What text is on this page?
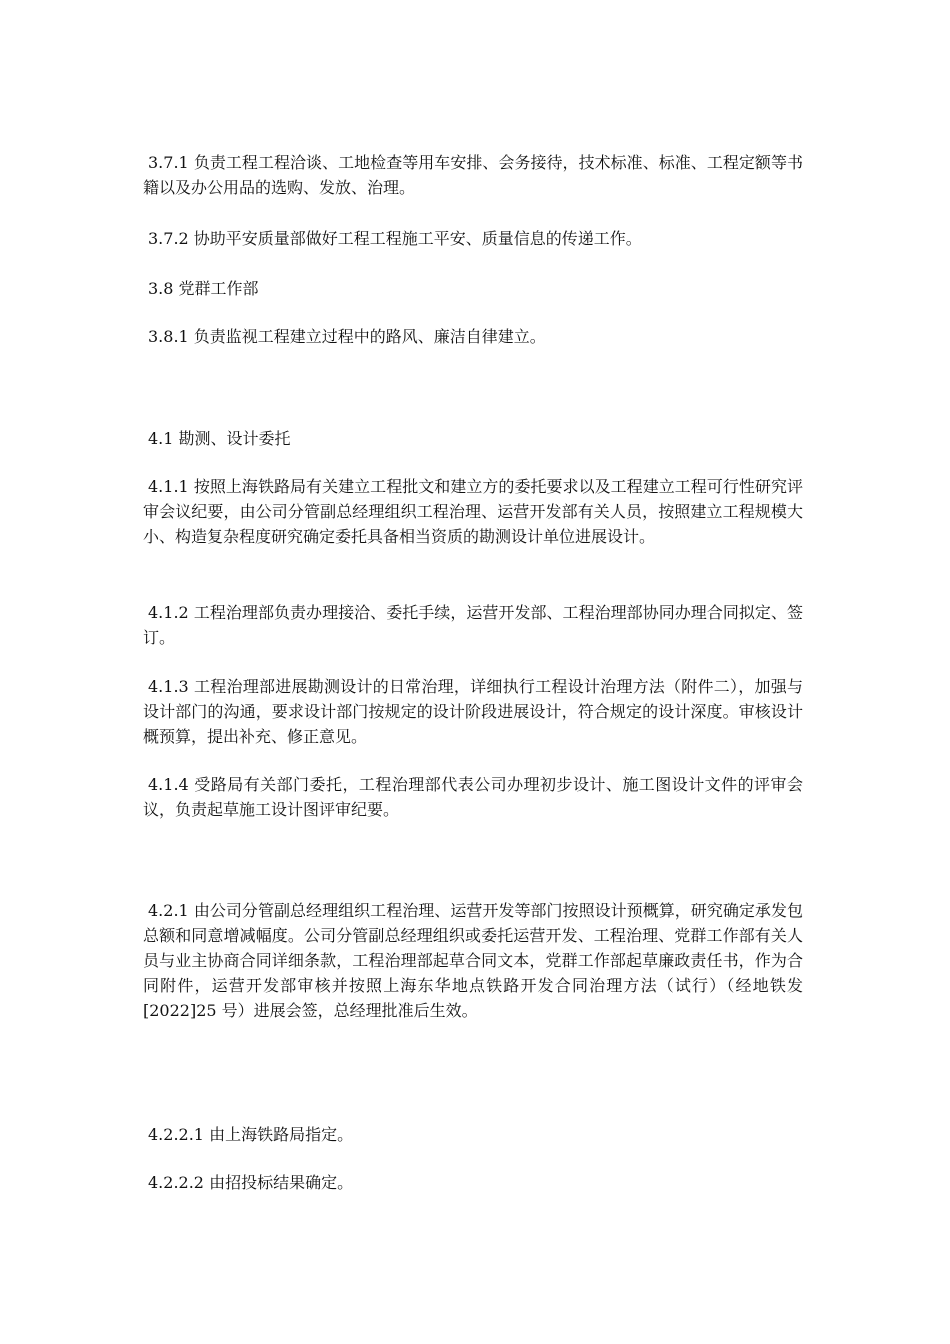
3.7.1 负责工程工程洽谈、工地检查等用车安排、会务接待，技术标准、标准、工程定额等书籍以及办公用品的选购、发放、治理。

3.7.2 协助平安质量部做好工程工程施工平安、质量信息的传递工作。

3.8 党群工作部

3.8.1 负责监视工程建立过程中的路风、廉洁自律建立。

4.1 勘测、设计委托

4.1.1 按照上海铁路局有关建立工程批文和建立方的委托要求以及工程建立工程可行性研究评审会议纪要，由公司分管副总经理组织工程治理、运营开发部有关人员，按照建立工程规模大小、构造复杂程度研究确定委托具备相当资质的勘测设计单位进展设计。

4.1.2 工程治理部负责办理接洽、委托手续，运营开发部、工程治理部协同办理合同拟定、签订。

4.1.3 工程治理部进展勘测设计的日常治理，详细执行工程设计治理方法（附件二），加强与设计部门的沟通，要求设计部门按规定的设计阶段进展设计，符合规定的设计深度。审核设计概预算，提出补充、修正意见。

4.1.4 受路局有关部门委托，工程治理部代表公司办理初步设计、施工图设计文件的评审会议，负责起草施工设计图评审纪要。

4.2.1 由公司分管副总经理组织工程治理、运营开发等部门按照设计预概算，研究确定承发包总额和同意增减幅度。公司分管副总经理组织或委托运营开发、工程治理、党群工作部有关人员与业主协商合同详细条款，工程治理部起草合同文本，党群工作部起草廉政责任书，作为合同附件，运营开发部审核并按照上海东华地点铁路开发合同治理方法（试行）（经地铁发[2022]25 号）进展会签，总经理批准后生效。

4.2.2.1 由上海铁路局指定。

4.2.2.2 由招投标结果确定。
